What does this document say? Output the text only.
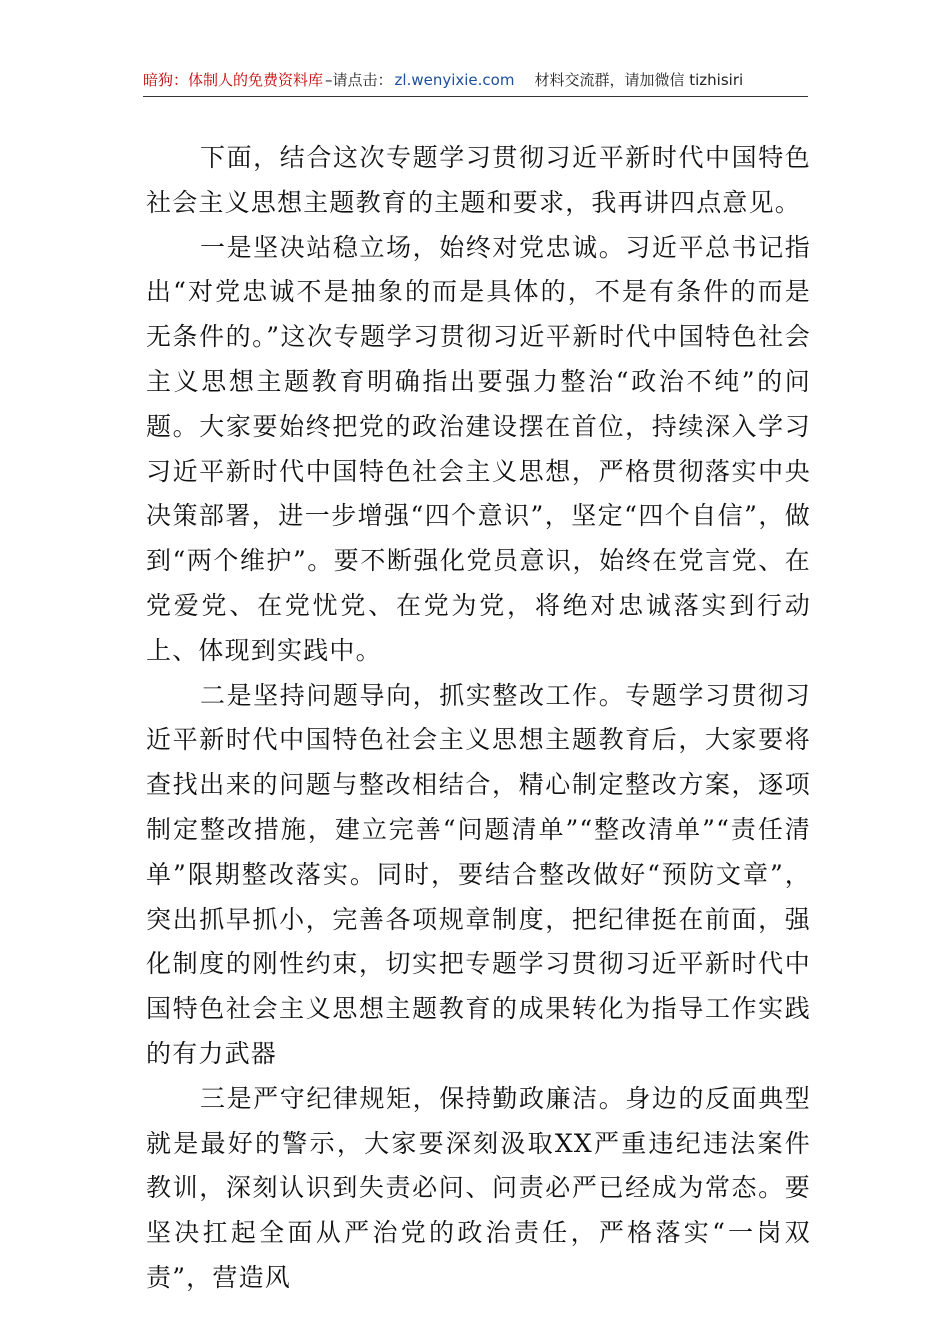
暗狗：体制人的免费资料库 –请点击： zl.wenyixie.com 材料交流群，请加微信 tizhisiri

下面，结合这次专题学习贯彻习近平新时代中国特色社会主义思想主题教育的主题和要求，我再讲四点意见。

一是坚决站稳立场，始终对党忠诚。习近平总书记指出“对党忠诚不是抽象的而是具体的，不是有条件的而是无条件的。”这次专题学习贯彻习近平新时代中国特色社会主义思想主题教育明确指出要强力整治“政治不纯”的问题。大家要始终把党的政治建设摆在首位，持续深入学习习近平新时代中国特色社会主义思想，严格贯彻落实中央决策部署，进一步增强“四个意识”，坚定“四个自信”，做到“两个维护”。要不断强化党员意识，始终在党言党、在党爱党、在党忧党、在党为党，将绝对忠诚落实到行动上、体现到实践中。

二是坚持问题导向，抓实整改工作。专题学习贯彻习近平新时代中国特色社会主义思想主题教育后，大家要将查找出来的问题与整改相结合，精心制定整改方案，逐项制定整改措施，建立完善“问题清单”“整改清单”“责任清单”限期整改落实。同时，要结合整改做好“预防文章”，突出抓早抓小，完善各项规章制度，把纪律挺在前面，强化制度的刚性约束，切实把专题学习贯彻习近平新时代中国特色社会主义思想主题教育的成果转化为指导工作实践的有力武器

三是严守纪律规矩，保持勤政廉洁。身边的反面典型就是最好的警示，大家要深刻汲取XX严重违纪违法案件教训，深刻认识到失责必问、问责必严已经成为常态。要坚决扛起全面从严治党的政治责任，严格落实“一岗双责”，营造风
